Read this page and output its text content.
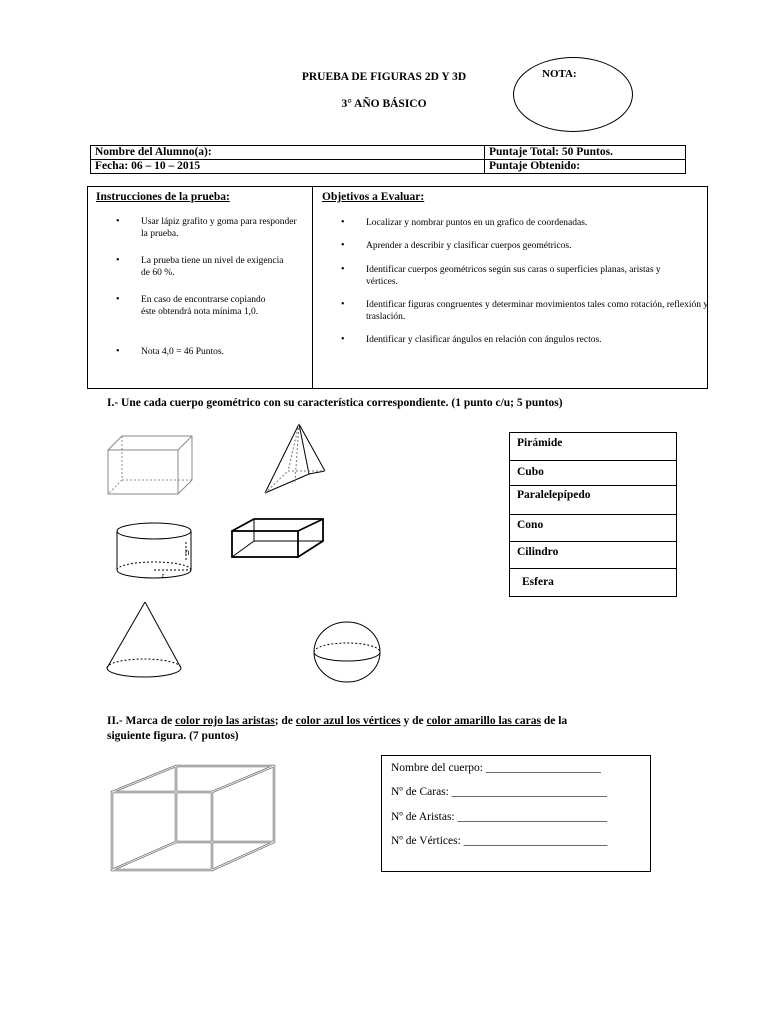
PRUEBA DE FIGURAS 2D Y 3D
3° AÑO BÁSICO
NOTA:
Nombre del Alumno(a):	Puntaje Total: 50 Puntos.
Fecha: 06 – 10 – 2015	Puntaje Obtenido:
Instrucciones de la prueba:	Objetivos a Evaluar:
• Usar lápiz grafito y goma para responder la prueba.
• La prueba tiene un nivel de exigencia de 60 %.
• En caso de encontrarse copiando éste obtendrá nota mínima 1,0.
• Nota 4,0 = 46 Puntos.
• Localizar y nombrar puntos en un grafico de coordenadas.
• Aprender a describir y clasificar cuerpos geométricos.
• Identificar cuerpos geométricos según sus caras o superficies planas, aristas y vértices.
• Identificar figuras congruentes y determinar movimientos tales como rotación, reflexión y traslación.
• Identificar y clasificar ángulos en relación con ángulos rectos.
I.- Une cada cuerpo geométrico con su característica correspondiente. (1 punto c/u; 5 puntos)
h
r
Pirámide
Cubo
Paralelepípedo
Cono
Cilindro
Esfera
II.- Marca de color rojo las aristas; de color azul los vértices y de color amarillo las caras de la
siguiente figura. (7 puntos)
Nombre del cuerpo: ____________________
Nº de Caras: ___________________________
Nº de Aristas: __________________________
Nº de Vértices: _________________________
